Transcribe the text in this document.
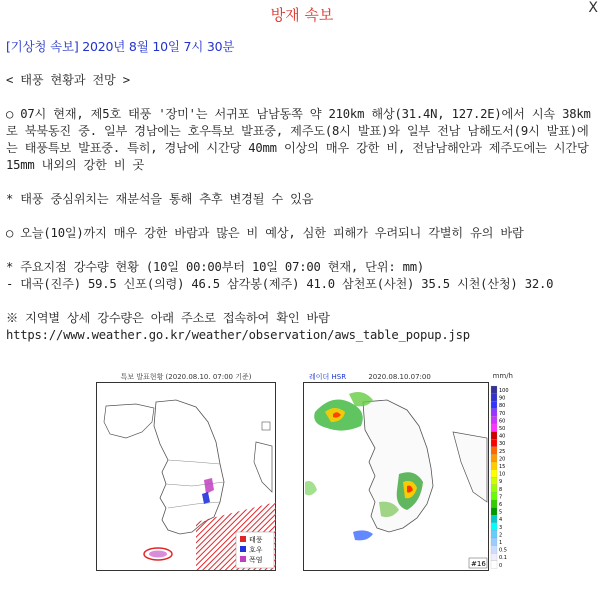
방재 속보	X

[기상청 속보] 2020년 8월 10일 7시 30분

< 태풍 현황과 전망 >

○ 07시 현재, 제5호 태풍 '장미'는 서귀포 남남동쪽 약 210km 해상(31.4N, 127.2E)에서 시속 38km로 북북동진 중. 일부 경남에는 호우특보 발표중, 제주도(8시 발표)와 일부 전남 남해도서(9시 발표)에는 태풍특보 발표중. 특히, 경남에 시간당 40mm 이상의 매우 강한 비, 전남남해안과 제주도에는 시간당 15mm 내외의 강한 비 곳

* 태풍 중심위치는 재분석을 통해 추후 변경될 수 있음

○ 오늘(10일)까지 매우 강한 바람과 많은 비 예상, 심한 피해가 우려되니 각별히 유의 바람

* 주요지점 강수량 현황 (10일 00:00부터 10일 07:00 현재, 단위: mm)

- 대곡(진주) 59.5 신포(의령) 46.5 삼각봉(제주) 41.0 삼천포(사천) 35.5 시천(산청) 32.0

※ 지역별 상세 강수량은 아래 주소로 접속하여 확인 바람

https://www.weather.go.kr/weather/observation/aws_table_popup.jsp

특보 발표현황 (2020.08.10. 07:00 기준)
태풍
호우
폭염
레이더 HSR	2020.08.10.07:00	mm/h
#16
100
90
80
70
60
50
40
30
25
20
15
10
9
8
7
6
5
4
3
2
1
0.5
0.1
0
